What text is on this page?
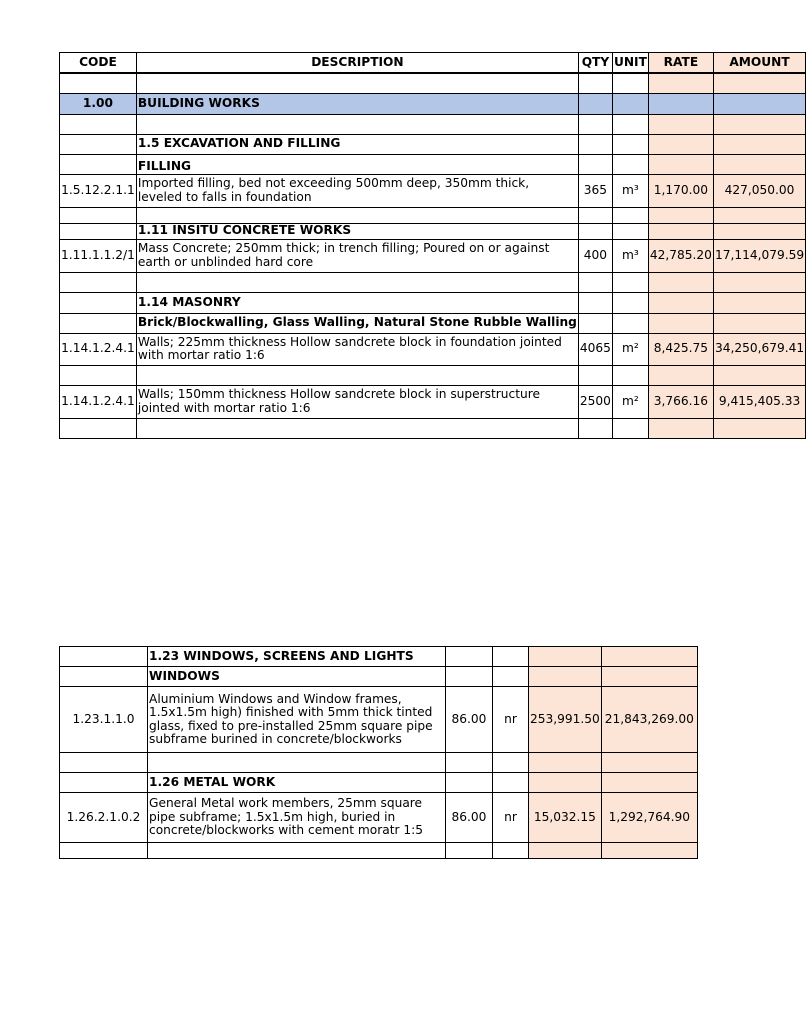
CODE	DESCRIPTION	QTY	UNIT	RATE	AMOUNT

1.00	BUILDING WORKS				

	1.5 EXCAVATION AND FILLING				
	FILLING				
1.5.12.2.1.1	Imported filling, bed not exceeding 500mm deep, 350mm thick, leveled to falls in foundation	365	m³	1,170.00	427,050.00

	1.11 INSITU CONCRETE WORKS				
1.11.1.1.2/1	Mass Concrete; 250mm thick; in trench filling; Poured on or against earth or unblinded hard core	400	m³	42,785.20	17,114,079.59

	1.14 MASONRY				
	Brick/Blockwalling, Glass Walling, Natural Stone Rubble Walling				
1.14.1.2.4.1	Walls; 225mm thickness Hollow sandcrete block in foundation jointed with mortar ratio 1:6	4065	m²	8,425.75	34,250,679.41

1.14.1.2.4.1	Walls; 150mm thickness Hollow sandcrete block in superstructure jointed with mortar ratio 1:6	2500	m²	3,766.16	9,415,405.33

	1.23 WINDOWS, SCREENS AND LIGHTS				
	WINDOWS				
1.23.1.1.0	Aluminium Windows and Window frames, 1.5x1.5m high) finished with 5mm thick tinted glass, fixed to pre-installed 25mm square pipe subframe burined in concrete/blockworks	86.00	nr	253,991.50	21,843,269.00

	1.26 METAL WORK				
1.26.2.1.0.2	General Metal work members, 25mm square pipe subframe; 1.5x1.5m high, buried in concrete/blockworks with cement moratr 1:5	86.00	nr	15,032.15	1,292,764.90
